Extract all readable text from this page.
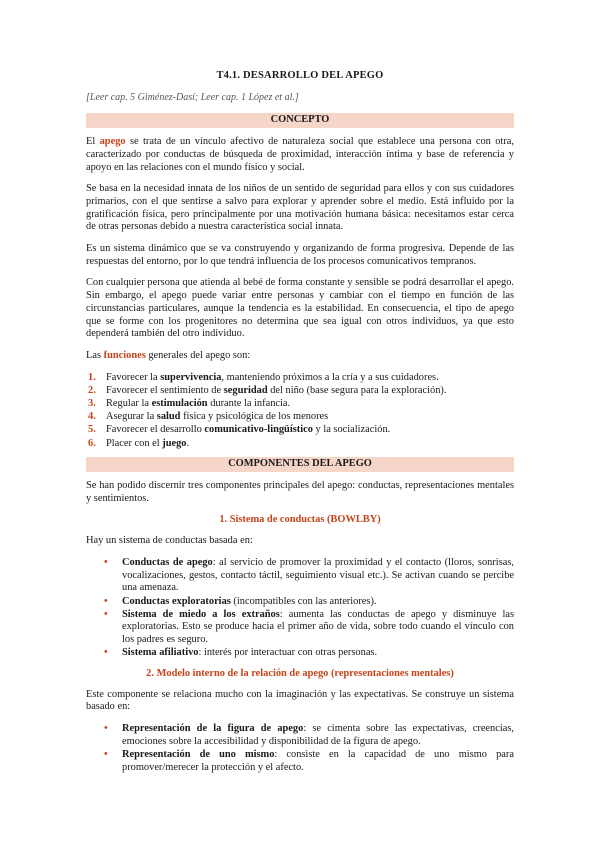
T4.1. DESARROLLO DEL APEGO
[Leer cap. 5 Giménez-Dasí; Leer cap. 1 López et al.]
CONCEPTO

El apego se trata de un vínculo afectivo de naturaleza social que establece una persona con otra, caracterizado por conductas de búsqueda de proximidad, interacción íntima y base de referencia y apoyo en las relaciones con el mundo físico y social.

Se basa en la necesidad innata de los niños de un sentido de seguridad para ellos y con sus cuidadores primarios, con el que sentirse a salvo para explorar y aprender sobre el medio. Está influido por la gratificación física, pero principalmente por una motivación humana básica: necesitamos estar cerca de otras personas debido a nuestra característica social innata.

Es un sistema dinámico que se va construyendo y organizando de forma progresiva. Depende de las respuestas del entorno, por lo que tendrá influencia de los procesos comunicativos tempranos.

Con cualquier persona que atienda al bebé de forma constante y sensible se podrá desarrollar el apego. Sin embargo, el apego puede variar entre personas y cambiar con el tiempo en función de las circunstancias particulares, aunque la tendencia es la estabilidad. En consecuencia, el tipo de apego que se forme con los progenitores no determina que sea igual con otros individuos, ya que esto dependerá también del otro individuo.

Las funciones generales del apego son:

1. Favorecer la supervivencia, manteniendo próximos a la cría y a sus cuidadores.
2. Favorecer el sentimiento de seguridad del niño (base segura para la exploración).
3. Regular la estimulación durante la infancia.
4. Asegurar la salud física y psicológica de los menores
5. Favorecer el desarrollo comunicativo-lingüístico y la socialización.
6. Placer con el juego.
COMPONENTES DEL APEGO

Se han podido discernir tres componentes principales del apego: conductas, representaciones mentales y sentimientos.

1. Sistema de conductas (BOWLBY)

Hay un sistema de conductas basada en:

• Conductas de apego: al servicio de promover la proximidad y el contacto (lloros, sonrisas, vocalizaciones, gestos, contacto táctil, seguimiento visual etc.). Se activan cuando se percibe una amenaza.
• Conductas exploratorias (incompatibles con las anteriores).
• Sistema de miedo a los extraños: aumenta las conductas de apego y disminuye las exploratorias. Esto se produce hacia el primer año de vida, sobre todo cuando el vínculo con los padres es seguro.
• Sistema afiliativo: interés por interactuar con otras personas.
2. Modelo interno de la relación de apego (representaciones mentales)

Este componente se relaciona mucho con la imaginación y las expectativas. Se construye un sistema basado en:

• Representación de la figura de apego: se cimenta sobre las expectativas, creencias, emociones sobre la accesibilidad y disponibilidad de la figura de apego.
• Representación de uno mismo: consiste en la capacidad de uno mismo para promover/merecer la protección y el afecto.
